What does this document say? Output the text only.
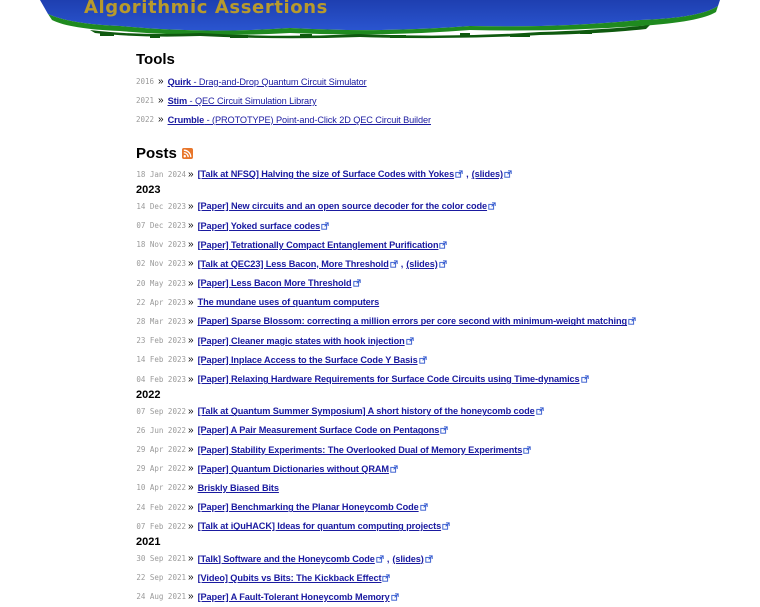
Algorithmic Assertions
Tools
2016 » Quirk - Drag-and-Drop Quantum Circuit Simulator
2021 » Stim - QEC Circuit Simulation Library
2022 » Crumble - (PROTOTYPE) Point-and-Click 2D QEC Circuit Builder
Posts
18 Jan 2024 » [Talk at NFSQ] Halving the size of Surface Codes with Yokes , (slides)
2023
14 Dec 2023 » [Paper] New circuits and an open source decoder for the color code
07 Dec 2023 » [Paper] Yoked surface codes
18 Nov 2023 » [Paper] Tetrationally Compact Entanglement Purification
02 Nov 2023 » [Talk at QEC23] Less Bacon, More Threshold , (slides)
20 May 2023 » [Paper] Less Bacon More Threshold
22 Apr 2023 » The mundane uses of quantum computers
28 Mar 2023 » [Paper] Sparse Blossom: correcting a million errors per core second with minimum-weight matching
23 Feb 2023 » [Paper] Cleaner magic states with hook injection
14 Feb 2023 » [Paper] Inplace Access to the Surface Code Y Basis
04 Feb 2023 » [Paper] Relaxing Hardware Requirements for Surface Code Circuits using Time-dynamics
2022
07 Sep 2022 » [Talk at Quantum Summer Symposium] A short history of the honeycomb code
26 Jun 2022 » [Paper] A Pair Measurement Surface Code on Pentagons
29 Apr 2022 » [Paper] Stability Experiments: The Overlooked Dual of Memory Experiments
29 Apr 2022 » [Paper] Quantum Dictionaries without QRAM
10 Apr 2022 » Briskly Biased Bits
24 Feb 2022 » [Paper] Benchmarking the Planar Honeycomb Code
07 Feb 2022 » [Talk at iQuHACK] Ideas for quantum computing projects
2021
30 Sep 2021 » [Talk] Software and the Honeycomb Code , (slides)
22 Sep 2021 » [Video] Qubits vs Bits: The Kickback Effect
24 Aug 2021 » [Paper] A Fault-Tolerant Honeycomb Memory
